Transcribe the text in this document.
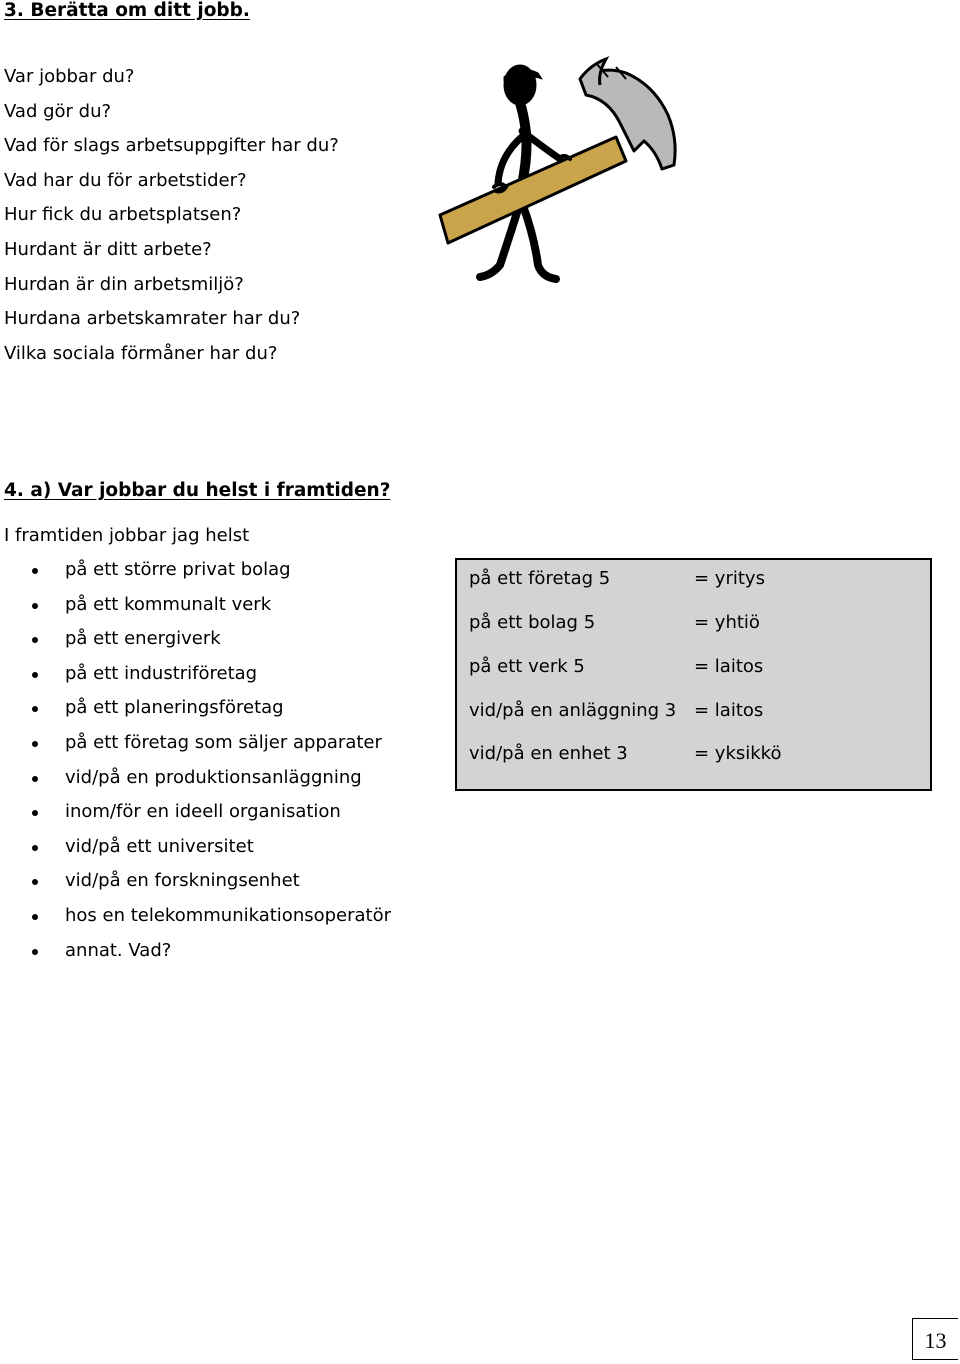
3. Berätta om ditt jobb.
Var jobbar du?
Vad gör du?
Vad för slags arbetsuppgifter har du?
Vad har du för arbetstider?
Hur fick du arbetsplatsen?
Hurdant är ditt arbete?
Hurdan är din arbetsmiljö?
Hurdana arbetskamrater har du?
Vilka sociala förmåner har du?
4. a) Var jobbar du helst i framtiden?

I framtiden jobbar jag helst

på ett större privat bolag
på ett kommunalt verk
på ett energiverk
på ett industriföretag
på ett planeringsföretag
på ett företag som säljer apparater
vid/på en produktionsanläggning
inom/för en ideell organisation
vid/på ett universitet
vid/på en forskningsenhet
hos en telekommunikationsoperatör
annat. Vad?
på ett företag 5	= yritys
på ett bolag 5	= yhtiö
på ett verk 5	= laitos
vid/på en anläggning 3 = laitos
vid/på en enhet 3	= yksikkö
13
